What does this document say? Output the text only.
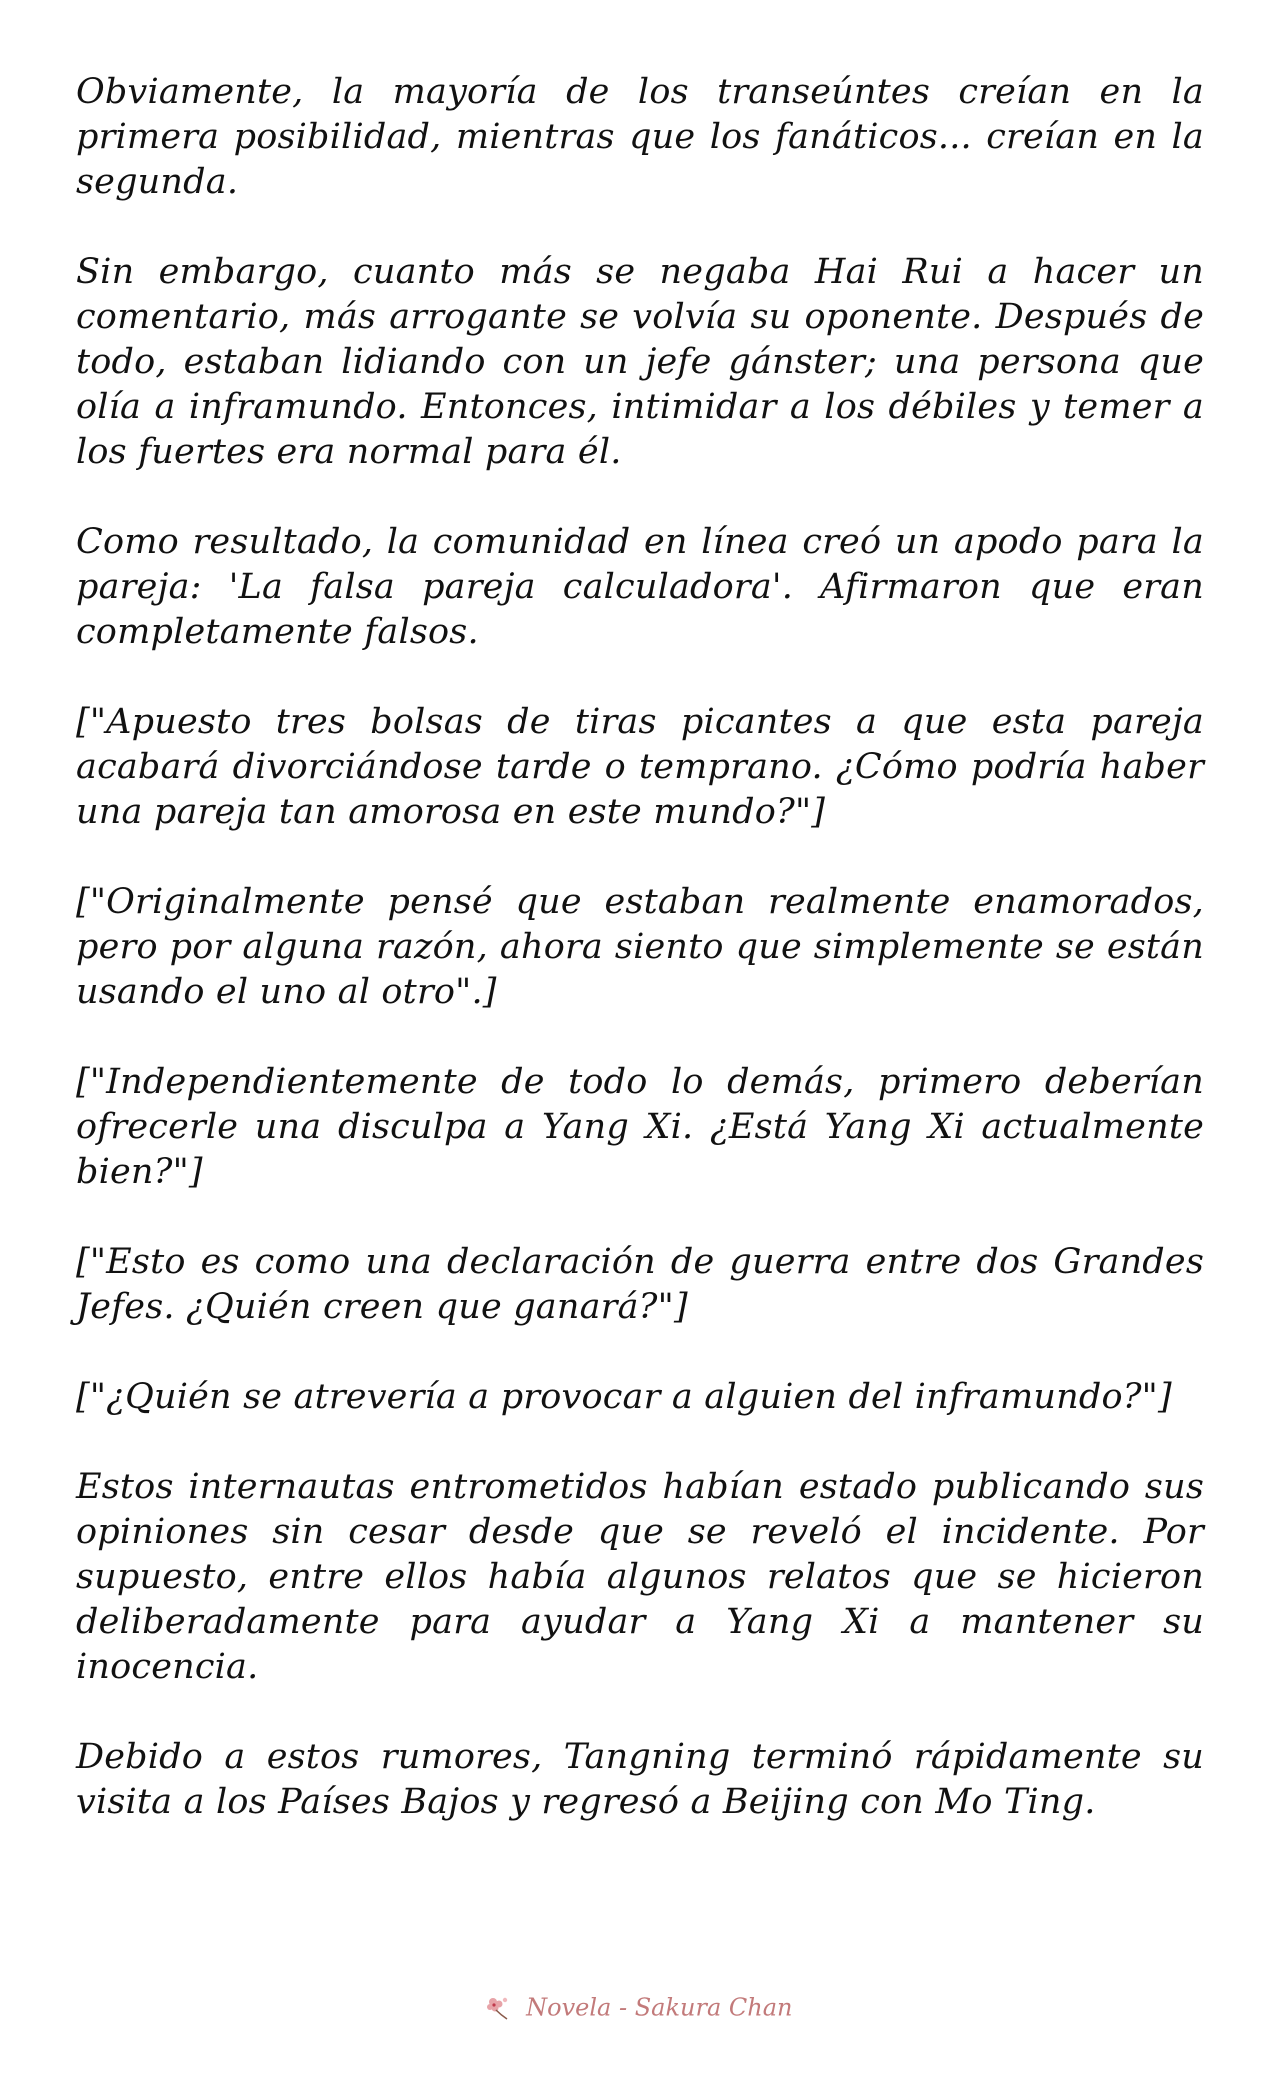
Obviamente, la mayoría de los transeúntes creían en la primera posibilidad, mientras que los fanáticos... creían en la segunda.

Sin embargo, cuanto más se negaba Hai Rui a hacer un comentario, más arrogante se volvía su oponente. Después de todo, estaban lidiando con un jefe gánster; una persona que olía a inframundo. Entonces, intimidar a los débiles y temer a los fuertes era normal para él.

Como resultado, la comunidad en línea creó un apodo para la pareja: 'La falsa pareja calculadora'. Afirmaron que eran completamente falsos.

["Apuesto tres bolsas de tiras picantes a que esta pareja acabará divorciándose tarde o temprano. ¿Cómo podría haber una pareja tan amorosa en este mundo?"]

["Originalmente pensé que estaban realmente enamorados, pero por alguna razón, ahora siento que simplemente se están usando el uno al otro".]

["Independientemente de todo lo demás, primero deberían ofrecerle una disculpa a Yang Xi. ¿Está Yang Xi actualmente bien?"]

["Esto es como una declaración de guerra entre dos Grandes Jefes. ¿Quién creen que ganará?"]

["¿Quién se atrevería a provocar a alguien del inframundo?"]

Estos internautas entrometidos habían estado publicando sus opiniones sin cesar desde que se reveló el incidente. Por supuesto, entre ellos había algunos relatos que se hicieron deliberadamente para ayudar a Yang Xi a mantener su inocencia.

Debido a estos rumores, Tangning terminó rápidamente su visita a los Países Bajos y regresó a Beijing con Mo Ting.

Novela - Sakura Chan
